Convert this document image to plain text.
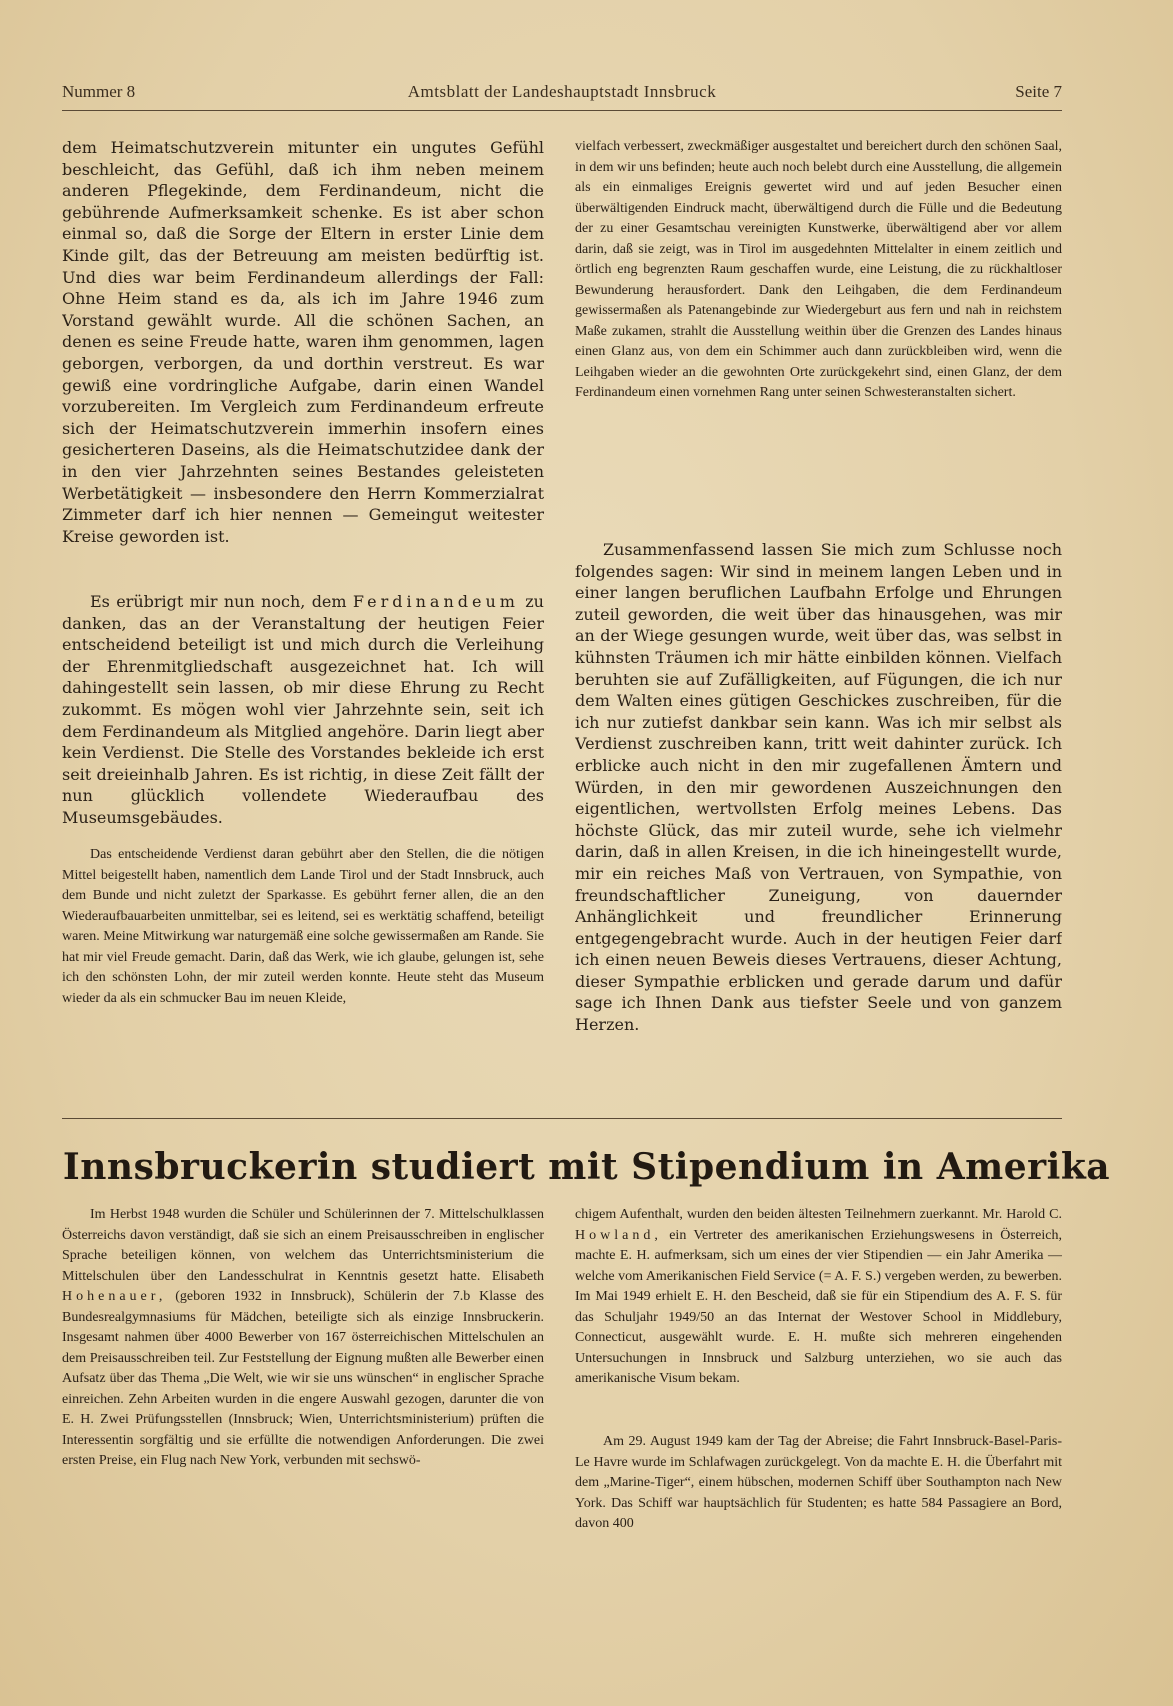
Nummer 8	Amtsblatt der Landeshauptstadt Innsbruck	Seite 7

dem Heimatschutzverein mitunter ein ungutes Gefühl beschleicht, das Gefühl, daß ich ihm neben meinem anderen Pflegekinde, dem Ferdinandeum, nicht die gebührende Aufmerksamkeit schenke. Es ist aber schon einmal so, daß die Sorge der Eltern in erster Linie dem Kinde gilt, das der Betreuung am meisten bedürftig ist. Und dies war beim Ferdinandeum allerdings der Fall: Ohne Heim stand es da, als ich im Jahre 1946 zum Vorstand gewählt wurde. All die schönen Sachen, an denen es seine Freude hatte, waren ihm genommen, lagen geborgen, verborgen, da und dorthin verstreut. Es war gewiß eine vordringliche Aufgabe, darin einen Wandel vorzubereiten. Im Vergleich zum Ferdinandeum erfreute sich der Heimatschutzverein immerhin insofern eines gesicherteren Daseins, als die Heimatschutzidee dank der in den vier Jahrzehnten seines Bestandes geleisteten Werbetätigkeit — insbesondere den Herrn Kommerzialrat Zimmeter darf ich hier nennen — Gemeingut weitester Kreise geworden ist.

Es erübrigt mir nun noch, dem Ferdinandeum zu danken, das an der Veranstaltung der heutigen Feier entscheidend beteiligt ist und mich durch die Verleihung der Ehrenmitgliedschaft ausgezeichnet hat. Ich will dahingestellt sein lassen, ob mir diese Ehrung zu Recht zukommt. Es mögen wohl vier Jahrzehnte sein, seit ich dem Ferdinandeum als Mitglied angehöre. Darin liegt aber kein Verdienst. Die Stelle des Vorstandes bekleide ich erst seit dreieinhalb Jahren. Es ist richtig, in diese Zeit fällt der nun glücklich vollendete Wiederaufbau des Museumsgebäudes.

Das entscheidende Verdienst daran gebührt aber den Stellen, die die nötigen Mittel beigestellt haben, namentlich dem Lande Tirol und der Stadt Innsbruck, auch dem Bunde und nicht zuletzt der Sparkasse. Es gebührt ferner allen, die an den Wiederaufbauarbeiten unmittelbar, sei es leitend, sei es werktätig schaffend, beteiligt waren. Meine Mitwirkung war naturgemäß eine solche gewissermaßen am Rande. Sie hat mir viel Freude gemacht. Darin, daß das Werk, wie ich glaube, gelungen ist, sehe ich den schönsten Lohn, der mir zuteil werden konnte. Heute steht das Museum wieder da als ein schmucker Bau im neuen Kleide,

vielfach verbessert, zweckmäßiger ausgestaltet und bereichert durch den schönen Saal, in dem wir uns befinden; heute auch noch belebt durch eine Ausstellung, die allgemein als ein einmaliges Ereignis gewertet wird und auf jeden Besucher einen überwältigenden Eindruck macht, überwältigend durch die Fülle und die Bedeutung der zu einer Gesamtschau vereinigten Kunstwerke, überwältigend aber vor allem darin, daß sie zeigt, was in Tirol im ausgedehnten Mittelalter in einem zeitlich und örtlich eng begrenzten Raum geschaffen wurde, eine Leistung, die zu rückhaltloser Bewunderung herausfordert. Dank den Leihgaben, die dem Ferdinandeum gewissermaßen als Patenangebinde zur Wiedergeburt aus fern und nah in reichstem Maße zukamen, strahlt die Ausstellung weithin über die Grenzen des Landes hinaus einen Glanz aus, von dem ein Schimmer auch dann zurückbleiben wird, wenn die Leihgaben wieder an die gewohnten Orte zurückgekehrt sind, einen Glanz, der dem Ferdinandeum einen vornehmen Rang unter seinen Schwesteranstalten sichert.

Zusammenfassend lassen Sie mich zum Schlusse noch folgendes sagen: Wir sind in meinem langen Leben und in einer langen beruflichen Laufbahn Erfolge und Ehrungen zuteil geworden, die weit über das hinausgehen, was mir an der Wiege gesungen wurde, weit über das, was selbst in kühnsten Träumen ich mir hätte einbilden können. Vielfach beruhten sie auf Zufälligkeiten, auf Fügungen, die ich nur dem Walten eines gütigen Geschickes zuschreiben, für die ich nur zutiefst dankbar sein kann. Was ich mir selbst als Verdienst zuschreiben kann, tritt weit dahinter zurück. Ich erblicke auch nicht in den mir zugefallenen Ämtern und Würden, in den mir gewordenen Auszeichnungen den eigentlichen, wertvollsten Erfolg meines Lebens. Das höchste Glück, das mir zuteil wurde, sehe ich vielmehr darin, daß in allen Kreisen, in die ich hineingestellt wurde, mir ein reiches Maß von Vertrauen, von Sympathie, von freundschaftlicher Zuneigung, von dauernder Anhänglichkeit und freundlicher Erinnerung entgegengebracht wurde. Auch in der heutigen Feier darf ich einen neuen Beweis dieses Vertrauens, dieser Achtung, dieser Sympathie erblicken und gerade darum und dafür sage ich Ihnen Dank aus tiefster Seele und von ganzem Herzen.

Innsbruckerin studiert mit Stipendium in Amerika

Im Herbst 1948 wurden die Schüler und Schülerinnen der 7. Mittelschulklassen Österreichs davon verständigt, daß sie sich an einem Preisausschreiben in englischer Sprache beteiligen können, von welchem das Unterrichtsministerium die Mittelschulen über den Landesschulrat in Kenntnis gesetzt hatte. Elisabeth Hohenauer, (geboren 1932 in Innsbruck), Schülerin der 7.b Klasse des Bundesrealgymnasiums für Mädchen, beteiligte sich als einzige Innsbruckerin. Insgesamt nahmen über 4000 Bewerber von 167 österreichischen Mittelschulen an dem Preisausschreiben teil. Zur Feststellung der Eignung mußten alle Bewerber einen Aufsatz über das Thema „Die Welt, wie wir sie uns wünschen“ in englischer Sprache einreichen. Zehn Arbeiten wurden in die engere Auswahl gezogen, darunter die von E. H. Zwei Prüfungsstellen (Innsbruck; Wien, Unterrichtsministerium) prüften die Interessentin sorgfältig und sie erfüllte die notwendigen Anforderungen. Die zwei ersten Preise, ein Flug nach New York, verbunden mit sechswö-

chigem Aufenthalt, wurden den beiden ältesten Teilnehmern zuerkannt. Mr. Harold C. Howland, ein Vertreter des amerikanischen Erziehungswesens in Österreich, machte E. H. aufmerksam, sich um eines der vier Stipendien — ein Jahr Amerika — welche vom Amerikanischen Field Service (= A. F. S.) vergeben werden, zu bewerben. Im Mai 1949 erhielt E. H. den Bescheid, daß sie für ein Stipendium des A. F. S. für das Schuljahr 1949/50 an das Internat der Westover School in Middlebury, Connecticut, ausgewählt wurde. E. H. mußte sich mehreren eingehenden Untersuchungen in Innsbruck und Salzburg unterziehen, wo sie auch das amerikanische Visum bekam.

Am 29. August 1949 kam der Tag der Abreise; die Fahrt Innsbruck-Basel-Paris-Le Havre wurde im Schlafwagen zurückgelegt. Von da machte E. H. die Überfahrt mit dem „Marine-Tiger“, einem hübschen, modernen Schiff über Southampton nach New York. Das Schiff war hauptsächlich für Studenten; es hatte 584 Passagiere an Bord, davon 400
